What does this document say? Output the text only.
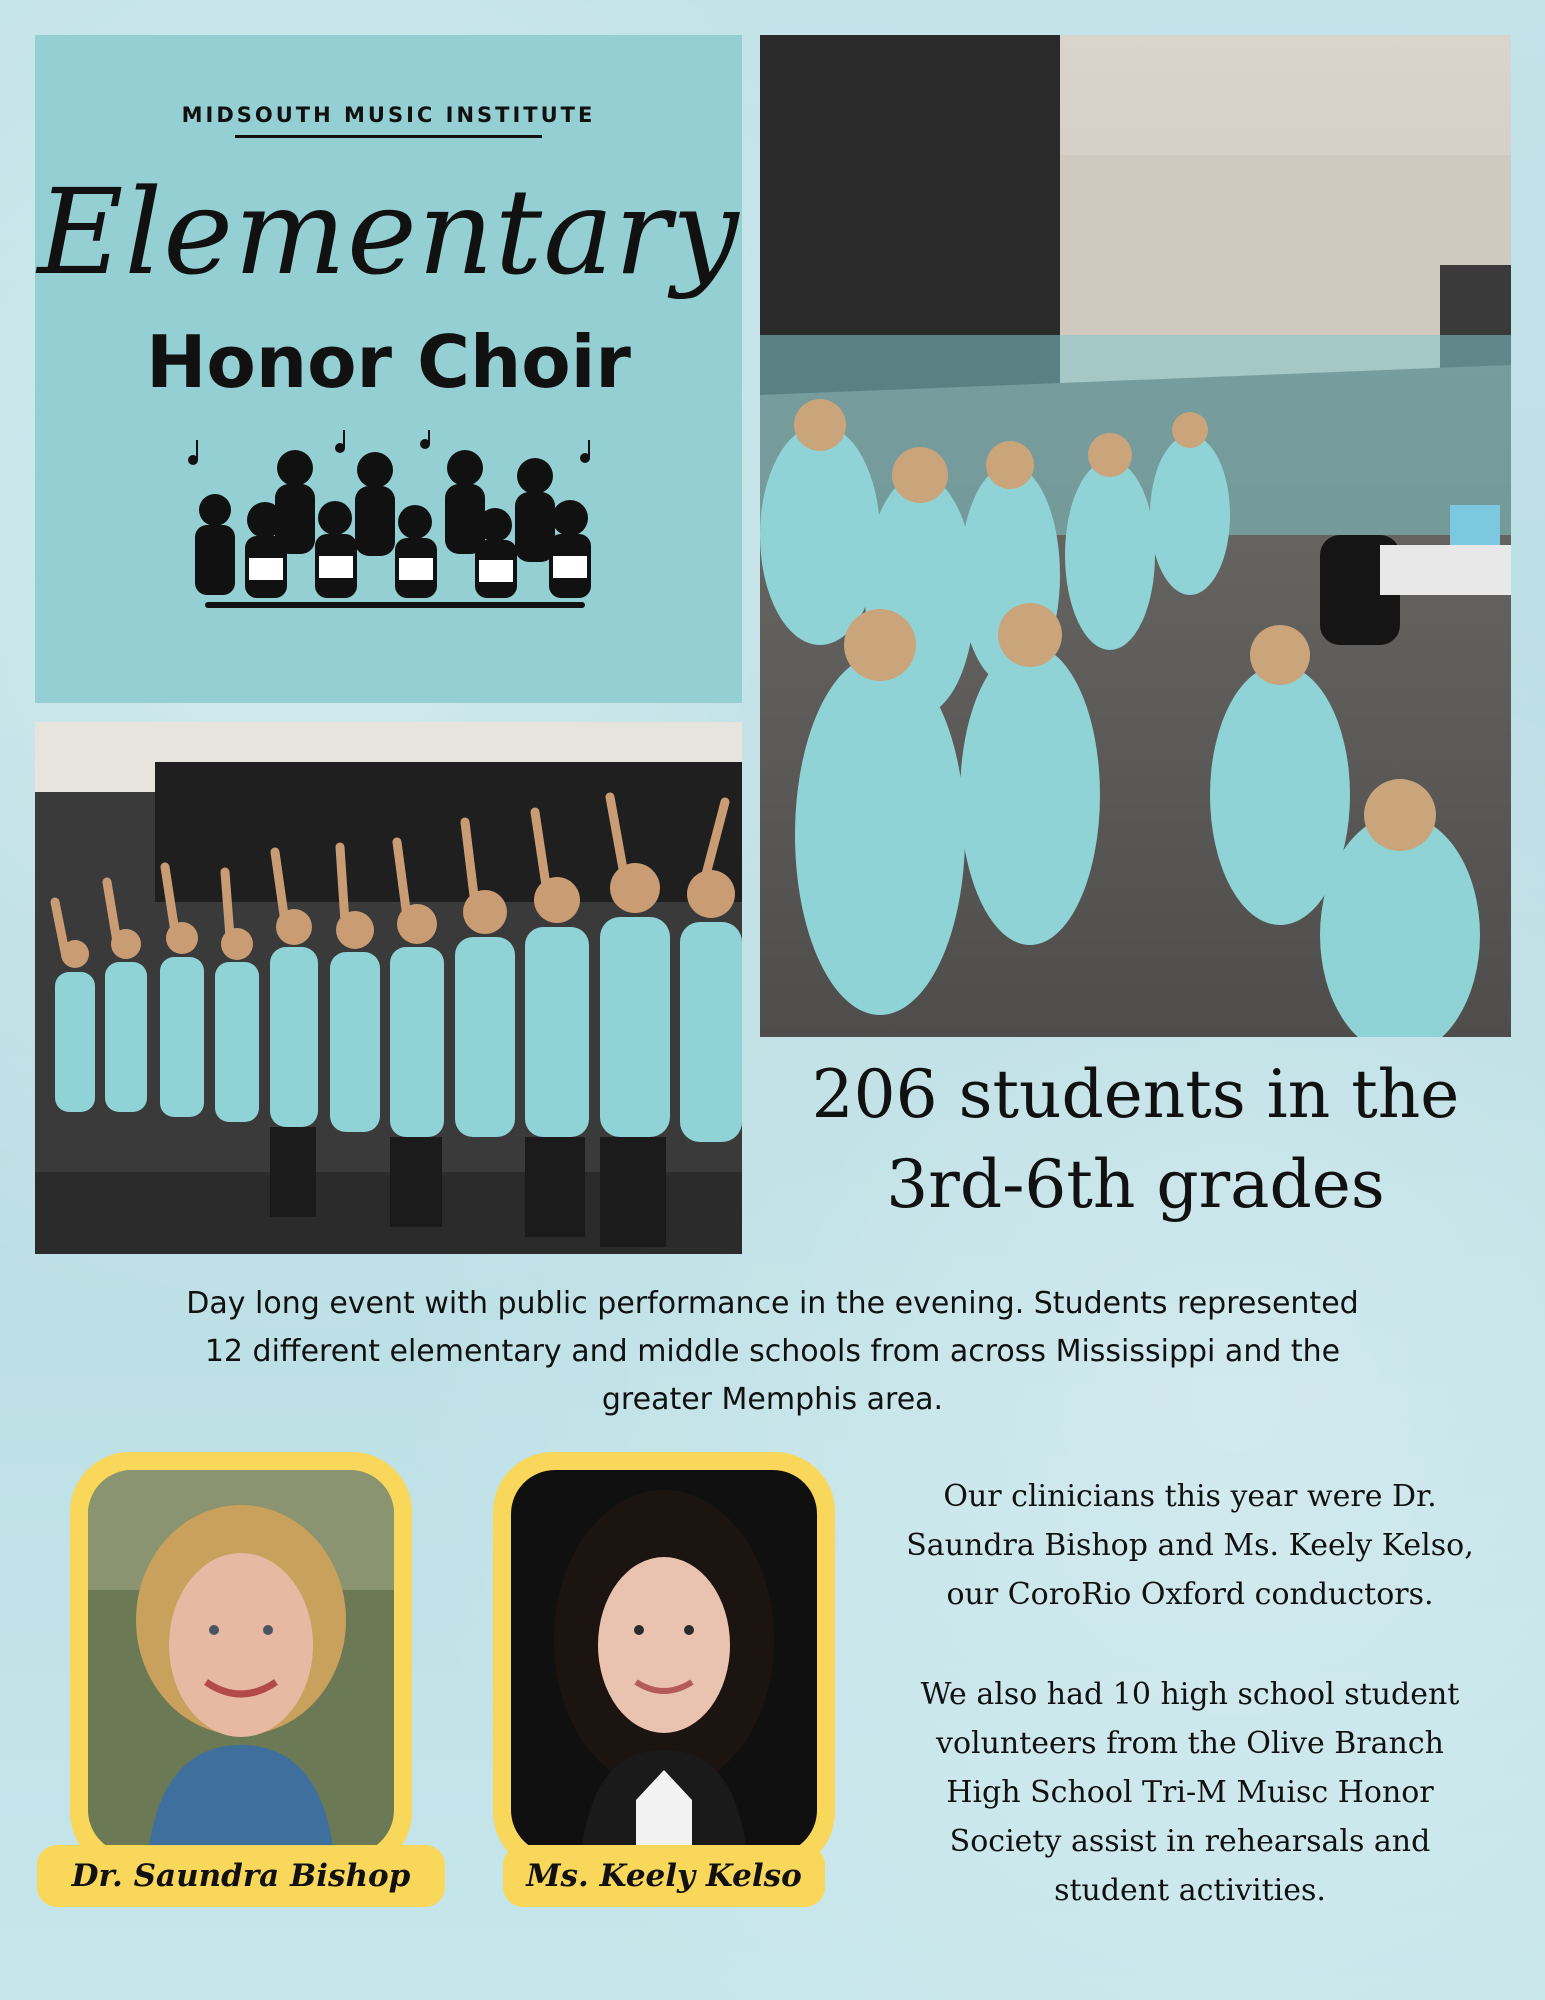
MIDSOUTH MUSIC INSTITUTE
Elementary
Honor Choir
206 students in the
3rd-6th grades
Day long event with public performance in the evening. Students represented
12 different elementary and middle schools from across Mississippi and the
greater Memphis area.
Dr. Saundra Bishop	Ms. Keely Kelso
Our clinicians this year were Dr.
Saundra Bishop and Ms. Keely Kelso,
our CoroRio Oxford conductors.
We also had 10 high school student
volunteers from the Olive Branch
High School Tri-M Muisc Honor
Society assist in rehearsals and
student activities.
